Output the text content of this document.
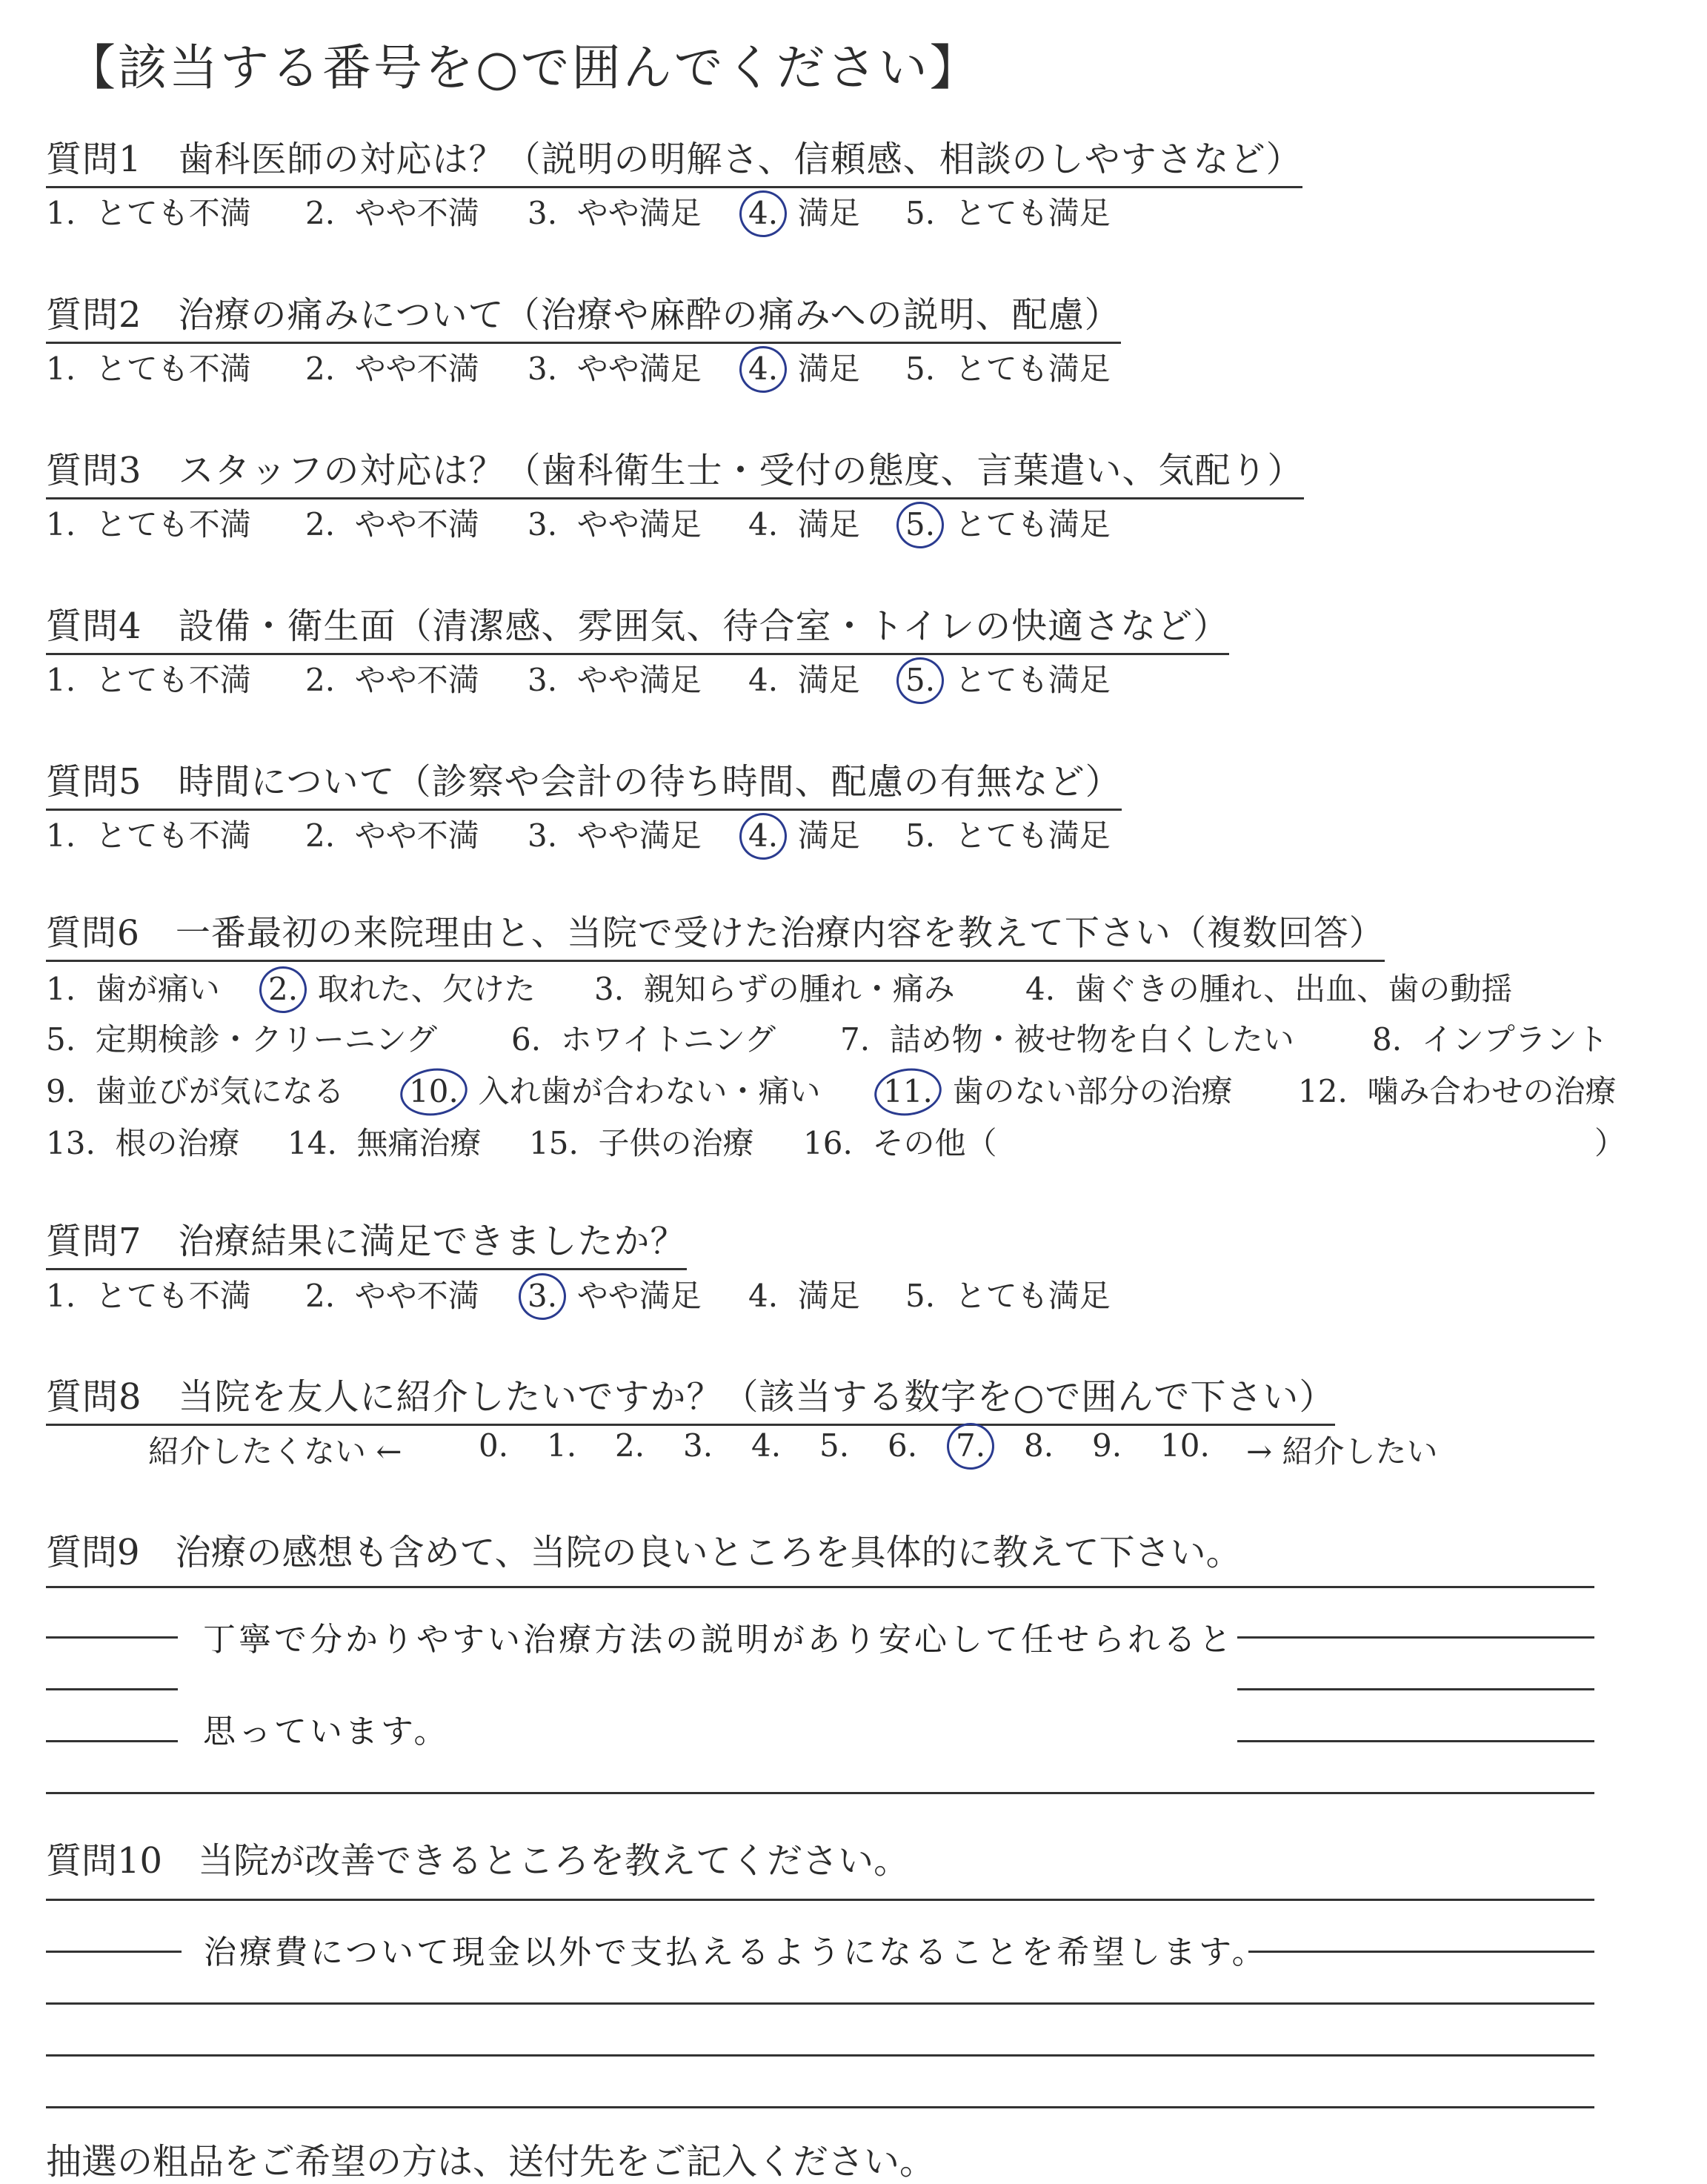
【該当する番号を○で囲んでください】
質問1　歯科医師の対応は？（説明の明解さ、信頼感、相談のしやすさなど）
1. とても不満 2. やや不満 3. やや満足 4. 満足 5. とても満足
質問2　治療の痛みについて（治療や麻酔の痛みへの説明、配慮）
1. とても不満 2. やや不満 3. やや満足 4. 満足 5. とても満足
質問3　スタッフの対応は？（歯科衛生士・受付の態度、言葉遣い、気配り）
1. とても不満 2. やや不満 3. やや満足 4. 満足 5. とても満足
質問4　設備・衛生面（清潔感、雰囲気、待合室・トイレの快適さなど）
1. とても不満 2. やや不満 3. やや満足 4. 満足 5. とても満足
質問5　時間について（診察や会計の待ち時間、配慮の有無など）
1. とても不満 2. やや不満 3. やや満足 4. 満足 5. とても満足
質問6　一番最初の来院理由と、当院で受けた治療内容を教えて下さい（複数回答）
1. 歯が痛い 2. 取れた、欠けた 3. 親知らずの腫れ・痛み 4. 歯ぐきの腫れ、出血、歯の動揺
5. 定期検診・クリーニング 6. ホワイトニング 7. 詰め物・被せ物を白くしたい	8. インプラント
9. 歯並びが気になる 10. 入れ歯が合わない・痛い 11. 歯のない部分の治療 12. 噛み合わせの治療
13. 根の治療 14. 無痛治療 15. 子供の治療 16. その他（	）
質問7　治療結果に満足できましたか？
1. とても不満 2. やや不満 3. やや満足 4. 満足 5. とても満足
質問8　当院を友人に紹介したいですか？（該当する数字を○で囲んで下さい）
紹介したくない ← 0. 1. 2. 3. 4. 5. 6. 7. 8. 9. 10. → 紹介したい
質問9　治療の感想も含めて、当院の良いところを具体的に教えて下さい。
丁寧で分かりやすい治療方法の説明があり安心して任せられると
思っています。
質問10　当院が改善できるところを教えてください。
治療費について現金以外で支払えるようになることを希望します。
抽選の粗品をご希望の方は、送付先をご記入ください。
